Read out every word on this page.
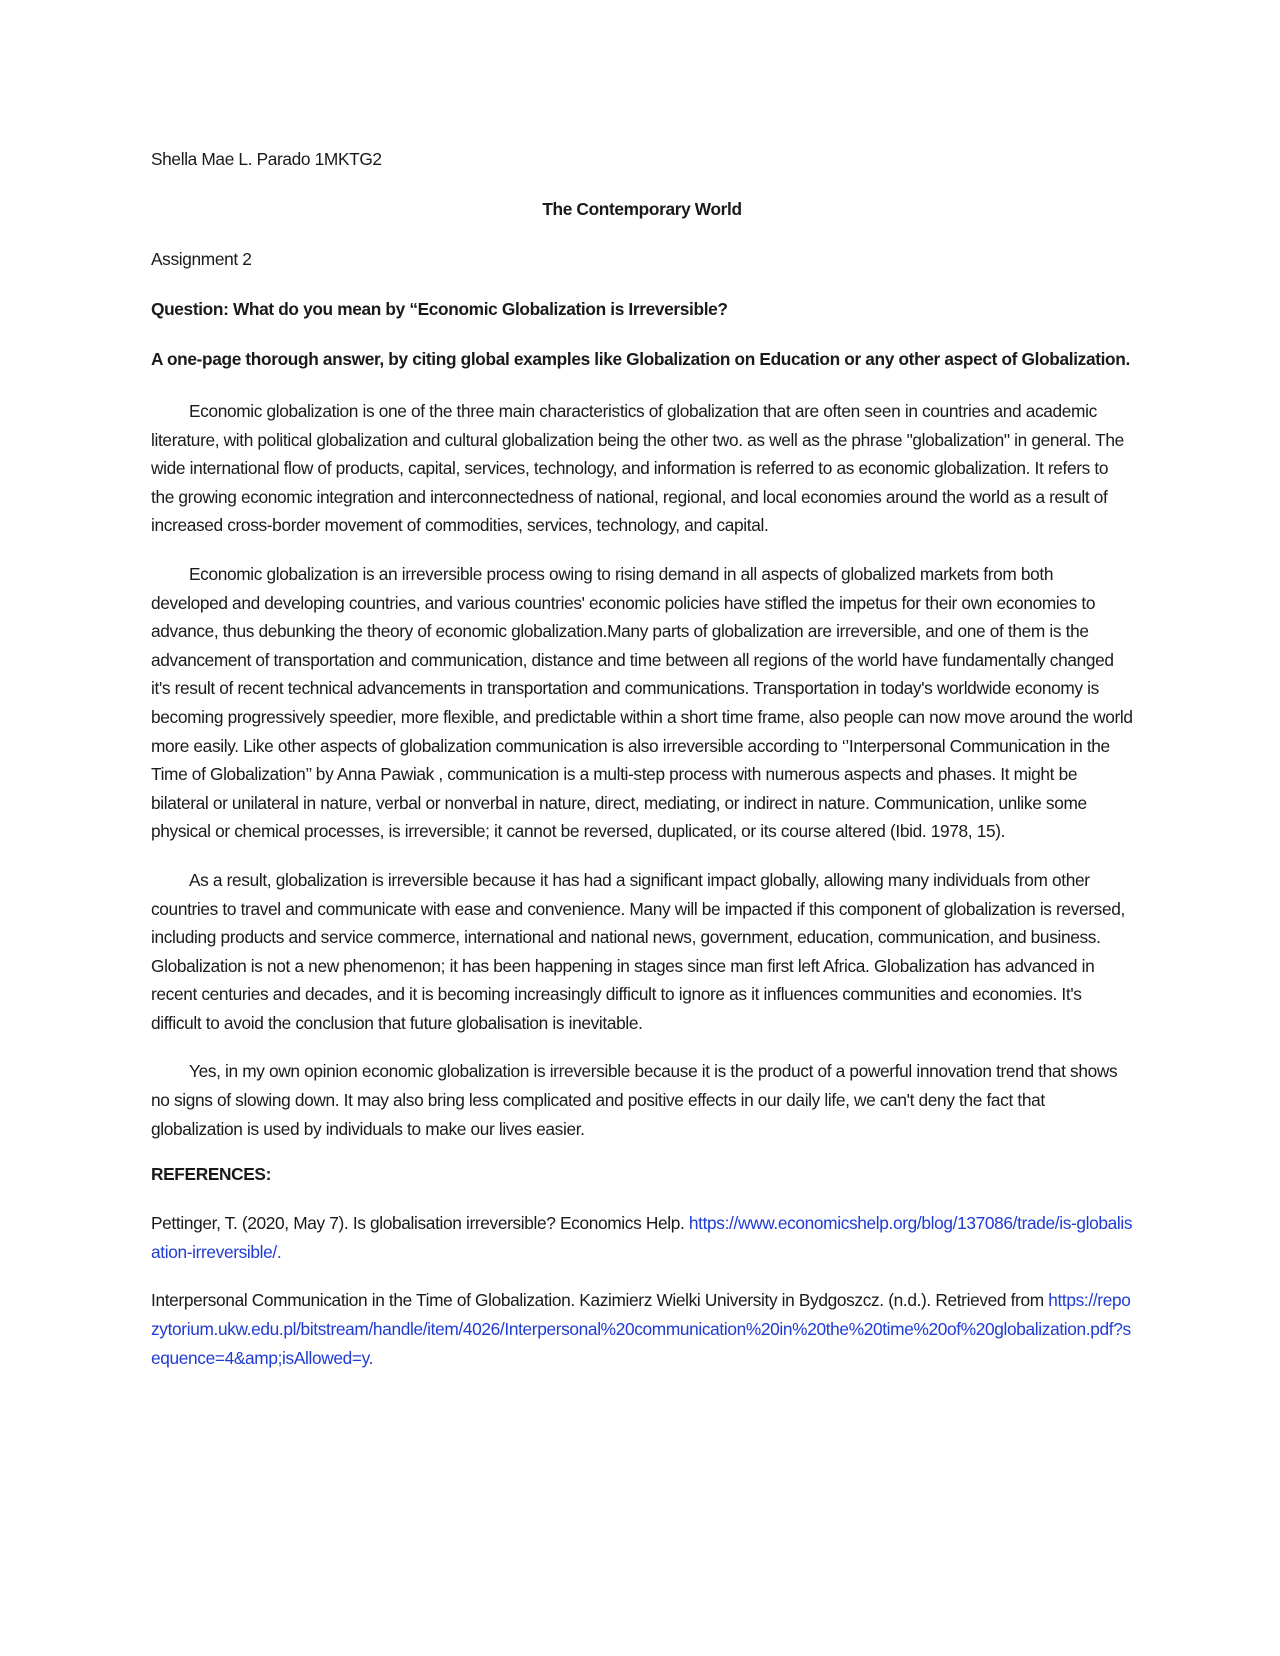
Shella Mae L. Parado 1MKTG2

The Contemporary World

Assignment 2

Question: What do you mean by “Economic Globalization is Irreversible?

A one-page thorough answer, by citing global examples like Globalization on Education or any other aspect of Globalization.

Economic globalization is one of the three main characteristics of globalization that are often seen in countries and academic literature, with political globalization and cultural globalization being the other two. as well as the phrase "globalization" in general. The wide international flow of products, capital, services, technology, and information is referred to as economic globalization. It refers to the growing economic integration and interconnectedness of national, regional, and local economies around the world as a result of increased cross-border movement of commodities, services, technology, and capital.

Economic globalization is an irreversible process owing to rising demand in all aspects of globalized markets from both developed and developing countries, and various countries' economic policies have stifled the impetus for their own economies to advance, thus debunking the theory of economic globalization.Many parts of globalization are irreversible, and one of them is the advancement of transportation and communication, distance and time between all regions of the world have fundamentally changed it's result of recent technical advancements in transportation and communications. Transportation in today's worldwide economy is becoming progressively speedier, more flexible, and predictable within a short time frame, also people can now move around the world more easily. Like other aspects of globalization communication is also irreversible according to ‘’Interpersonal Communication in the Time of Globalization’’ by Anna Pawiak , communication is a multi-step process with numerous aspects and phases. It might be bilateral or unilateral in nature, verbal or nonverbal in nature, direct, mediating, or indirect in nature. Communication, unlike some physical or chemical processes, is irreversible; it cannot be reversed, duplicated, or its course altered (Ibid. 1978, 15).

As a result, globalization is irreversible because it has had a significant impact globally, allowing many individuals from other countries to travel and communicate with ease and convenience. Many will be impacted if this component of globalization is reversed, including products and service commerce, international and national news, government, education, communication, and business. Globalization is not a new phenomenon; it has been happening in stages since man first left Africa. Globalization has advanced in recent centuries and decades, and it is becoming increasingly difficult to ignore as it influences communities and economies. It's difficult to avoid the conclusion that future globalisation is inevitable.

Yes, in my own opinion economic globalization is irreversible because it is the product of a powerful innovation trend that shows no signs of slowing down. It may also bring less complicated and positive effects in our daily life, we can't deny the fact that globalization is used by individuals to make our lives easier.

REFERENCES:

Pettinger, T. (2020, May 7). Is globalisation irreversible? Economics Help. https://www.economicshelp.org/blog/137086/trade/is-globalisation-irreversible/.

Interpersonal Communication in the Time of Globalization. Kazimierz Wielki University in Bydgoszcz. (n.d.). Retrieved from https://repozytorium.ukw.edu.pl/bitstream/handle/item/4026/Interpersonal%20communication%20in%20the%20time%20of%20globalization.pdf?sequence=4&amp;isAllowed=y.
